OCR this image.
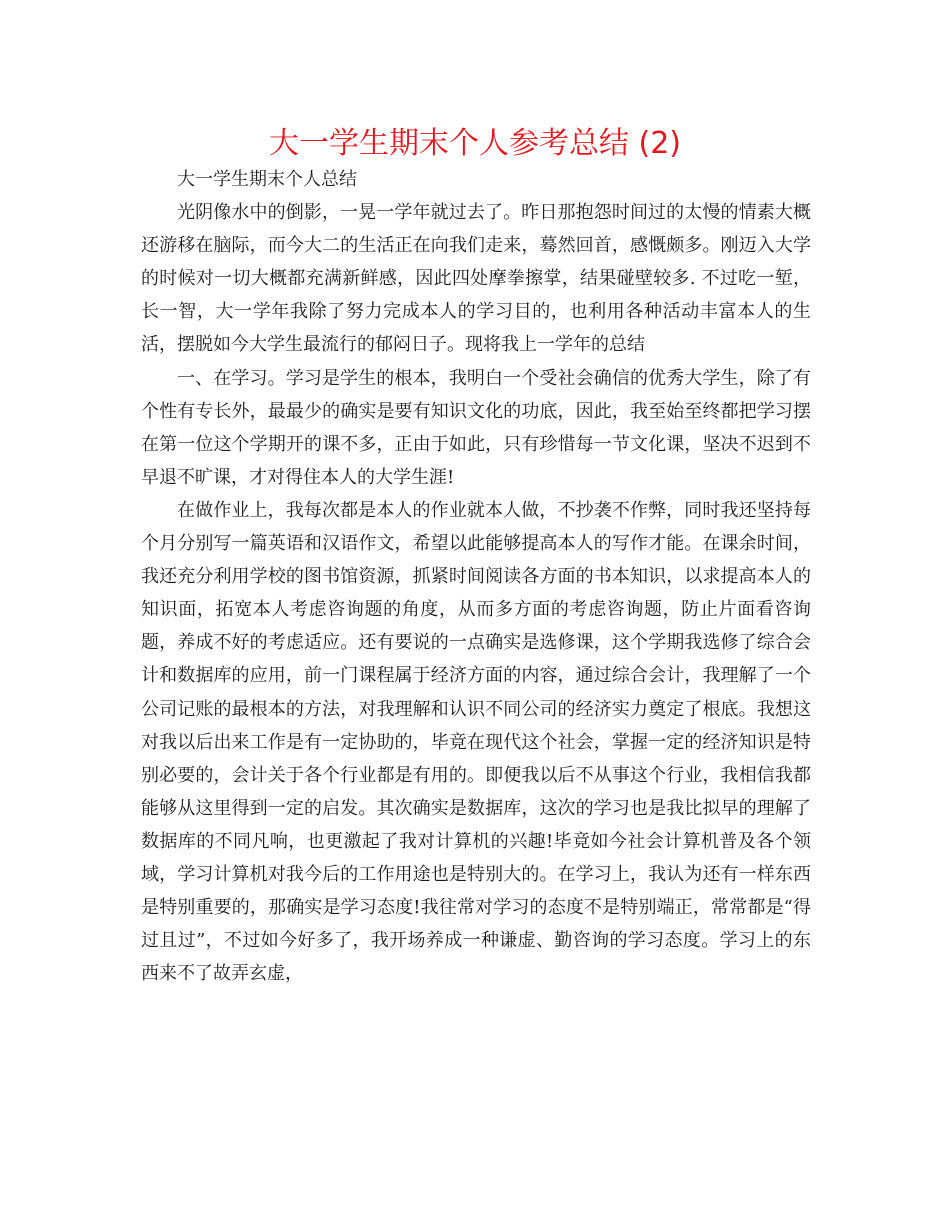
大一学生期末个人参考总结 (2)

大一学生期末个人总结

光阴像水中的倒影，一晃一学年就过去了。昨日那抱怨时间过的太慢的情素大概还游移在脑际，而今大二的生活正在向我们走来，蓦然回首，感慨颇多。刚迈入大学的时候对一切大概都充满新鲜感，因此四处摩拳擦掌，结果碰壁较多. 不过吃一堑，长一智，大一学年我除了努力完成本人的学习目的，也利用各种活动丰富本人的生活，摆脱如今大学生最流行的郁闷日子。现将我上一学年的总结

一、在学习。学习是学生的根本，我明白一个受社会确信的优秀大学生，除了有个性有专长外，最最少的确实是要有知识文化的功底，因此，我至始至终都把学习摆在第一位这个学期开的课不多，正由于如此，只有珍惜每一节文化课，坚决不迟到不早退不旷课，才对得住本人的大学生涯!

在做作业上，我每次都是本人的作业就本人做，不抄袭不作弊，同时我还坚持每个月分别写一篇英语和汉语作文，希望以此能够提高本人的写作才能。在课余时间，我还充分利用学校的图书馆资源，抓紧时间阅读各方面的书本知识，以求提高本人的知识面，拓宽本人考虑咨询题的角度，从而多方面的考虑咨询题，防止片面看咨询题，养成不好的考虑适应。还有要说的一点确实是选修课，这个学期我选修了综合会计和数据库的应用，前一门课程属于经济方面的内容，通过综合会计，我理解了一个公司记账的最根本的方法，对我理解和认识不同公司的经济实力奠定了根底。我想这对我以后出来工作是有一定协助的，毕竟在现代这个社会，掌握一定的经济知识是特别必要的，会计关于各个行业都是有用的。即便我以后不从事这个行业，我相信我都能够从这里得到一定的启发。其次确实是数据库，这次的学习也是我比拟早的理解了数据库的不同凡响，也更激起了我对计算机的兴趣!毕竟如今社会计算机普及各个领域，学习计算机对我今后的工作用途也是特别大的。在学习上，我认为还有一样东西是特别重要的，那确实是学习态度!我往常对学习的态度不是特别端正，常常都是“得过且过”，不过如今好多了，我开场养成一种谦虚、勤咨询的学习态度。学习上的东西来不了故弄玄虚，
